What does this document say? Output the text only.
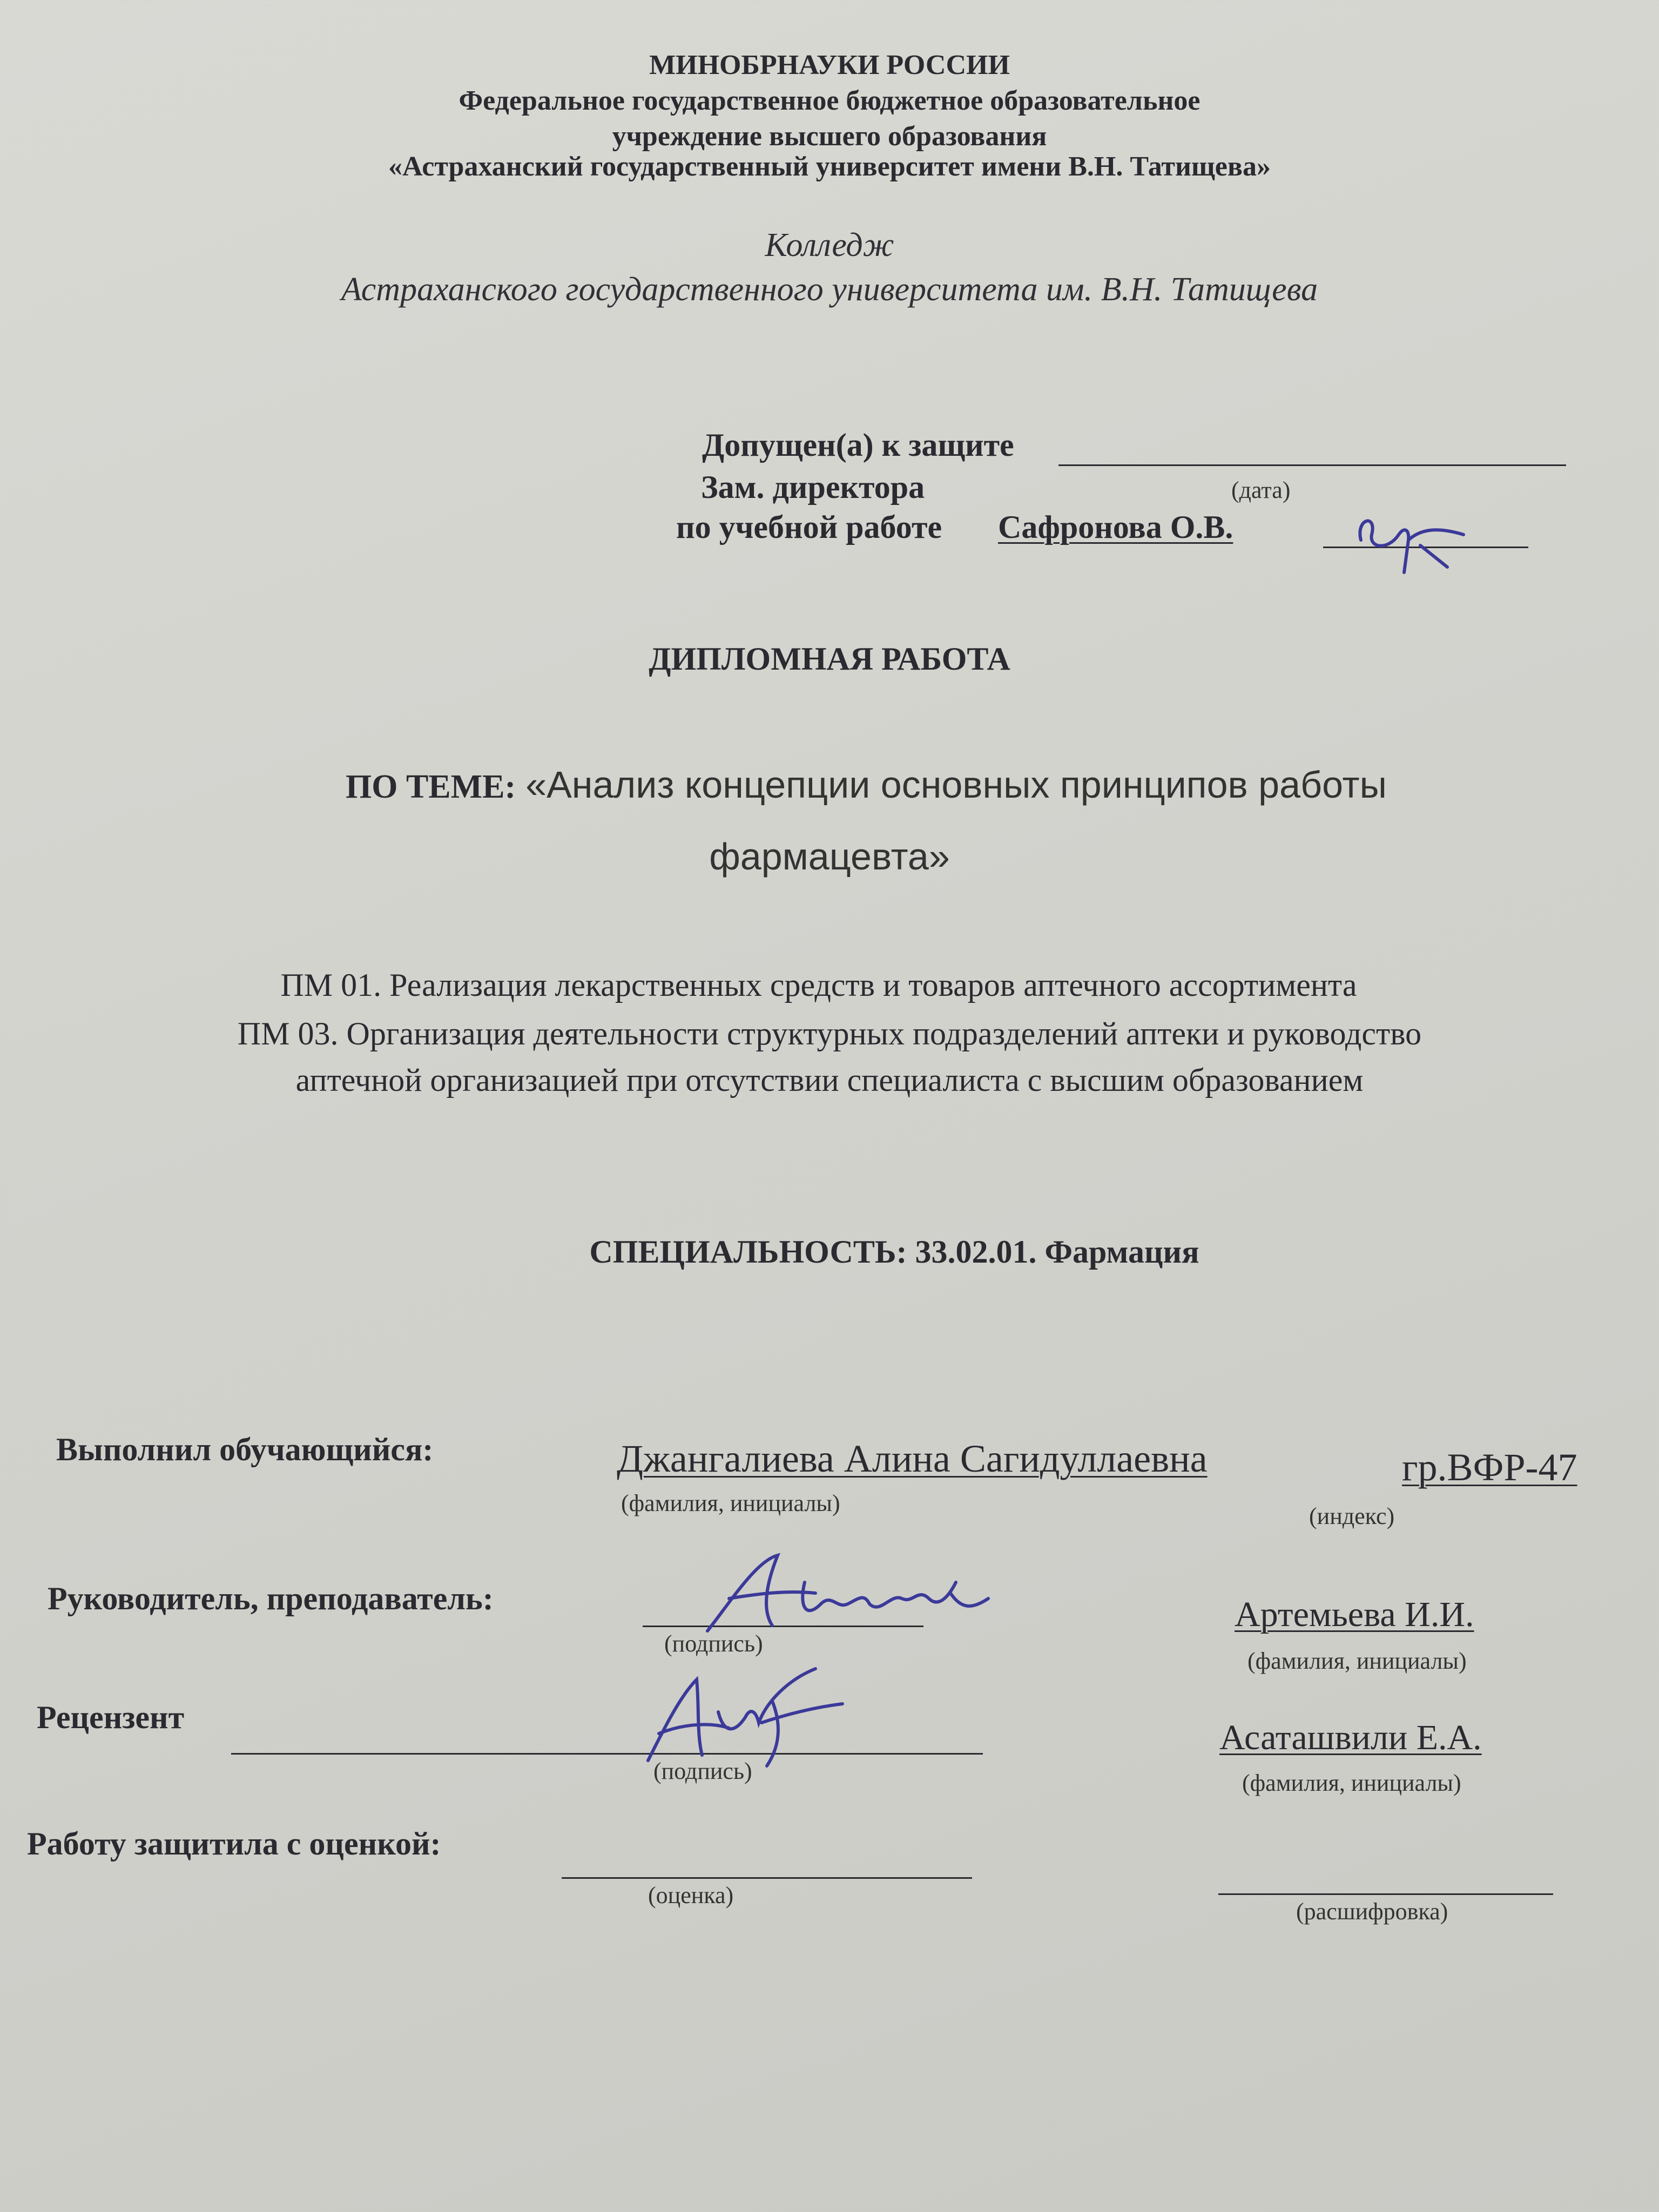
МИНОБРНАУКИ РОССИИ
Федеральное государственное бюджетное образовательное
учреждение высшего образования
«Астраханский государственный университет имени В.Н. Татищева»
Колледж
Астраханского государственного университета им. В.Н. Татищева
Допущен(а) к защите
Зам. директора	(дата)
по учебной работе Сафронова О.В.
ДИПЛОМНАЯ РАБОТА
ПО ТЕМЕ: «Анализ концепции основных принципов работы
фармацевта»
ПМ 01. Реализация лекарственных средств и товаров аптечного ассортимента
ПМ 03. Организация деятельности структурных подразделений аптеки и руководство
аптечной организацией при отсутствии специалиста с высшим образованием
СПЕЦИАЛЬНОСТЬ: 33.02.01. Фармация
Выполнил обучающийся:	Джангалиева Алина Сагидуллаевна
(фамилия, инициалы)
гр.ВФР-47
(индекс)
Руководитель, преподаватель:
(подпись)
Артемьева И.И.
(фамилия, инициалы)
Рецензент
(подпись)
Асаташвили Е.А.
(фамилия, инициалы)
Работу защитила с оценкой:
(оценка)
(расшифровка)
